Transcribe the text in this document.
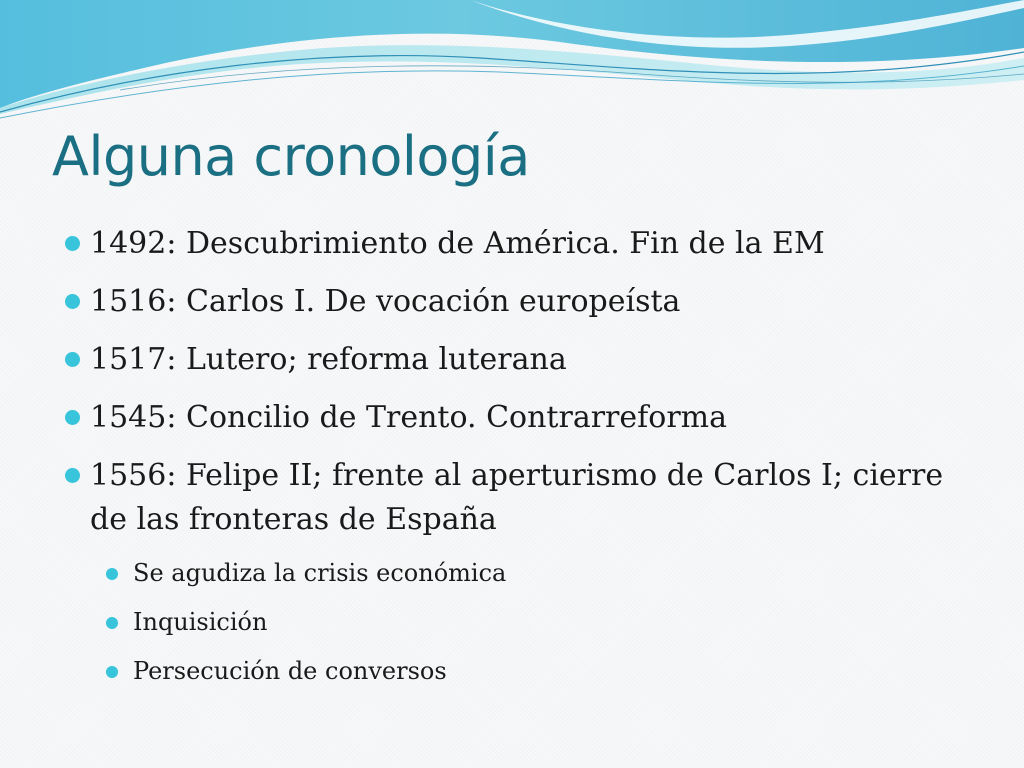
Alguna cronología
1492: Descubrimiento de América. Fin de la EM
1516: Carlos I. De vocación europeísta
1517: Lutero; reforma luterana
1545: Concilio de Trento. Contrarreforma
1556: Felipe II; frente al aperturismo de Carlos I; cierre de las fronteras de España
Se agudiza la crisis económica
Inquisición
Persecución de conversos
